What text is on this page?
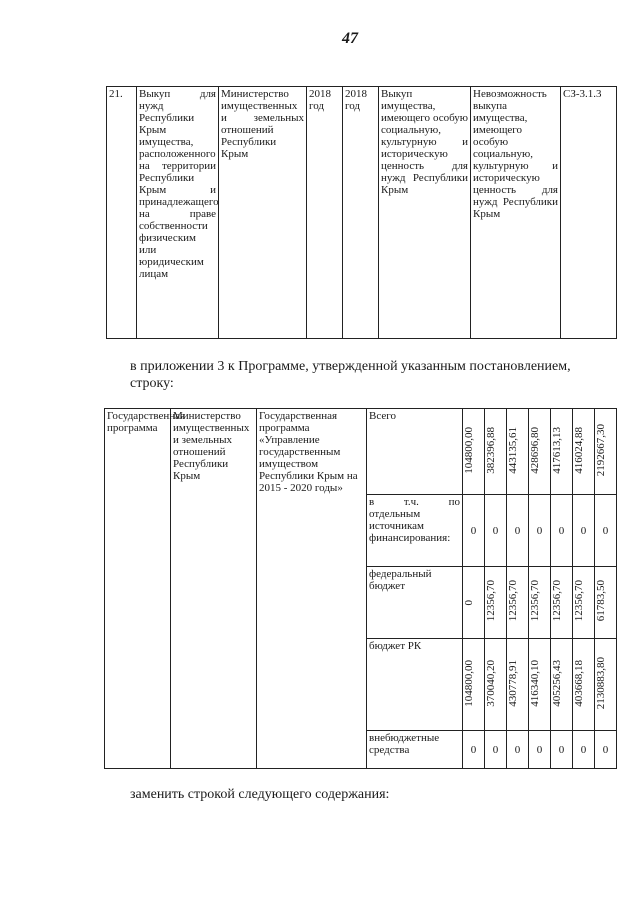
47
21.	Выкуп для нужд Республики Крым имущества, расположенного на территории Республики Крым и принадлежащего на праве собственности физическим или юридическим лицам	Министерство имущественных и земельных отношений Республики Крым	2018 год	2018 год	Выкуп имущества, имеющего особую социальную, культурную и историческую ценность для нужд Республики Крым	Невозможность выкупа имущества, имеющего особую социальную, культурную и историческую ценность для нужд Республики Крым	СЗ-3.1.3
в приложении 3 к Программе, утвержденной указанным постановлением, строку:
Государственная программа	Министерство имущественных и земельных отношений Республики Крым	Государственная программа «Управление государственным имуществом Республики Крым на 2015 - 2020 годы»	Всего	104800,00	382396,88	443135,61	428696,80	417613,13	416024,88	2192667,30
			в т.ч. по отдельным источникам финансирования:	0	0	0	0	0	0	0
			федеральный бюджет	0	12356,70	12356,70	12356,70	12356,70	12356,70	61783,50
			бюджет РК	104800,00	370040,20	430778,91	416340,10	405256,43	403668,18	2130883,80
			внебюджетные средства	0	0	0	0	0	0	0
заменить строкой следующего содержания:
